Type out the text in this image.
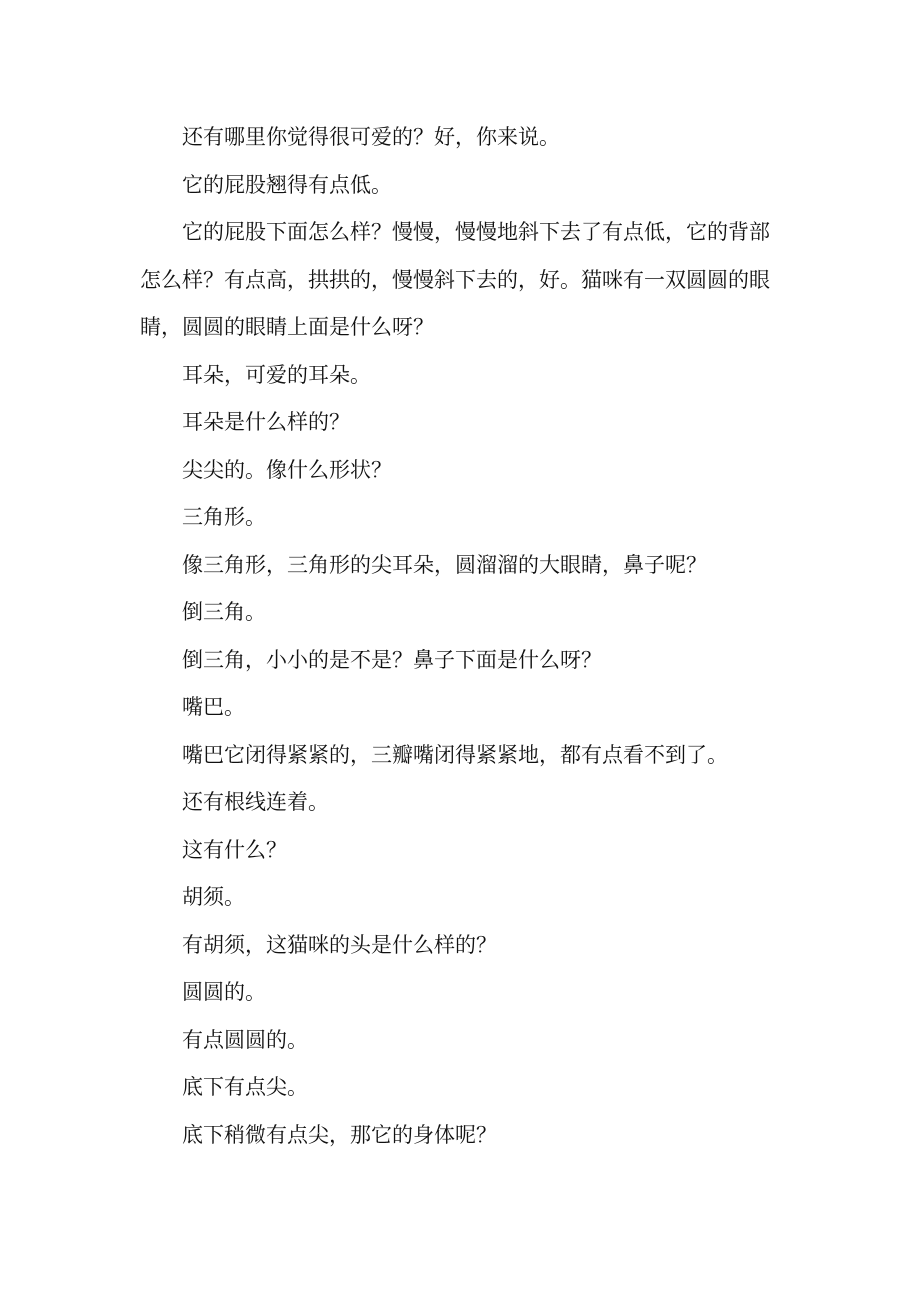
还有哪里你觉得很可爱的？好，你来说。

它的屁股翘得有点低。

它的屁股下面怎么样？慢慢，慢慢地斜下去了有点低，它的背部怎么样？有点高，拱拱的，慢慢斜下去的，好。猫咪有一双圆圆的眼睛，圆圆的眼睛上面是什么呀？

耳朵，可爱的耳朵。

耳朵是什么样的？

尖尖的。像什么形状？

三角形。

像三角形，三角形的尖耳朵，圆溜溜的大眼睛，鼻子呢？

倒三角。

倒三角，小小的是不是？鼻子下面是什么呀？

嘴巴。

嘴巴它闭得紧紧的，三瓣嘴闭得紧紧地，都有点看不到了。

还有根线连着。

这有什么？

胡须。

有胡须，这猫咪的头是什么样的？

圆圆的。

有点圆圆的。

底下有点尖。

底下稍微有点尖，那它的身体呢？
